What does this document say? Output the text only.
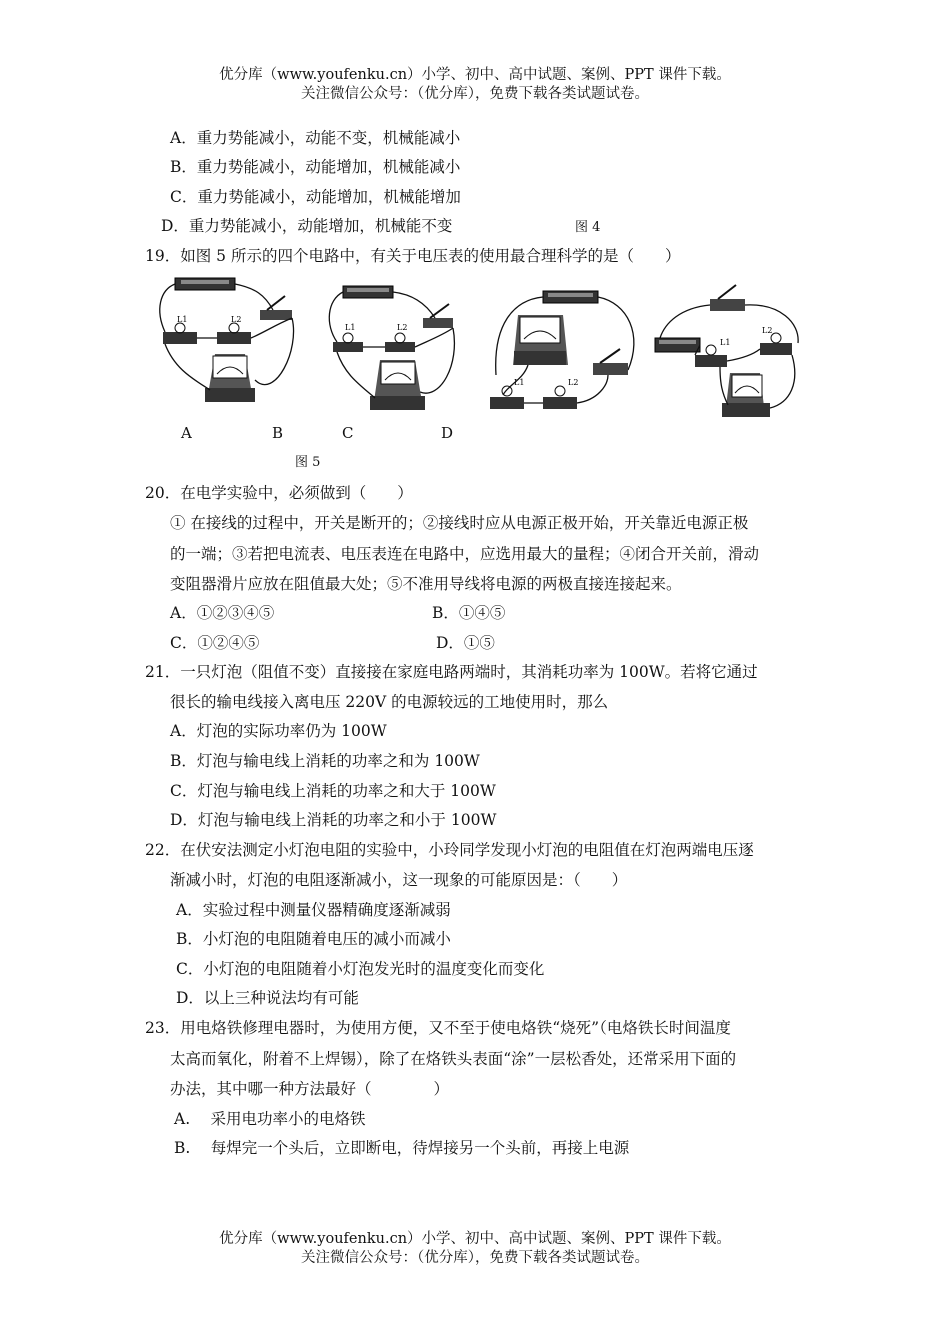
优分库（www.youfenku.cn）小学、初中、高中试题、案例、PPT 课件下载。
关注微信公众号：（优分库），免费下载各类试题试卷。
A．重力势能减小，动能不变，机械能减小
B．重力势能减小，动能增加，机械能减小
C．重力势能减小，动能增加，机械能增加
D．重力势能减小，动能增加，机械能不变	图 4
19．如图 5 所示的四个电路中，有关于电压表的使用最合理科学的是（　　）
L1	L2
L1	L2
L1	L2
L1
L2
A	B	C	D
图 5
20．在电学实验中，必须做到（　　）
① 在接线的过程中，开关是断开的；②接线时应从电源正极开始，开关靠近电源正极
的一端；③若把电流表、电压表连在电路中，应选用最大的量程；④闭合开关前，滑动
变阻器滑片应放在阻值最大处；⑤不准用导线将电源的两极直接连接起来。
A．①②③④⑤	B．①④⑤
C．①②④⑤	D．①⑤
21．一只灯泡（阻值不变）直接接在家庭电路两端时，其消耗功率为 100W。若将它通过
很长的输电线接入离电压 220V 的电源较远的工地使用时，那么
A．灯泡的实际功率仍为 100W
B．灯泡与输电线上消耗的功率之和为 100W
C．灯泡与输电线上消耗的功率之和大于 100W
D．灯泡与输电线上消耗的功率之和小于 100W
22．在伏安法测定小灯泡电阻的实验中，小玲同学发现小灯泡的电阻值在灯泡两端电压逐
渐减小时，灯泡的电阻逐渐减小，这一现象的可能原因是：（　　）
A．实验过程中测量仪器精确度逐渐减弱
B．小灯泡的电阻随着电压的减小而减小
C．小灯泡的电阻随着小灯泡发光时的温度变化而变化
D．以上三种说法均有可能
23．用电烙铁修理电器时，为使用方便，又不至于使电烙铁“烧死”（电烙铁长时间温度
太高而氧化，附着不上焊锡），除了在烙铁头表面“涂”一层松香处，还常采用下面的
办法，其中哪一种方法最好（　　　　）
A.　 采用电功率小的电烙铁
B.　 每焊完一个头后，立即断电，待焊接另一个头前，再接上电源
优分库（www.youfenku.cn）小学、初中、高中试题、案例、PPT 课件下载。
关注微信公众号：（优分库），免费下载各类试题试卷。
